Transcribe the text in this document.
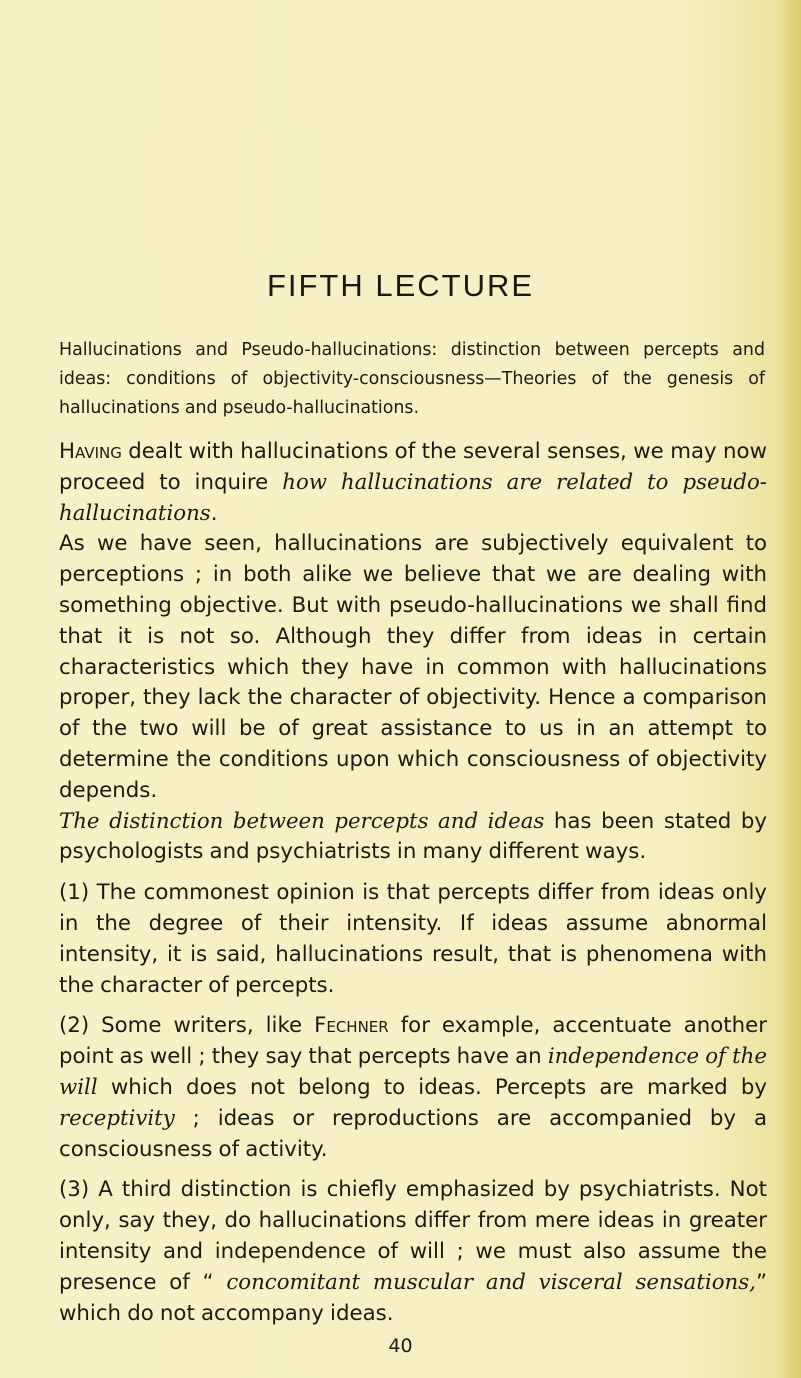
FIFTH LECTURE
Hallucinations and Pseudo-hallucinations: distinction between percepts and ideas: conditions of objectivity-consciousness—Theories of the genesis of hallucinations and pseudo-hallucinations.

Having dealt with hallucinations of the several senses, we may now proceed to inquire how hallucinations are related to pseudo-hallucinations.

As we have seen, hallucinations are subjectively equivalent to perceptions ; in both alike we believe that we are dealing with something objective. But with pseudo-hallucinations we shall find that it is not so. Although they differ from ideas in certain characteristics which they have in common with hallucinations proper, they lack the character of objectivity. Hence a comparison of the two will be of great assistance to us in an attempt to determine the conditions upon which consciousness of objectivity depends.

The distinction between percepts and ideas has been stated by psychologists and psychiatrists in many different ways.

(1) The commonest opinion is that percepts differ from ideas only in the degree of their intensity. If ideas assume abnormal intensity, it is said, hallucinations result, that is phenomena with the character of percepts.

(2) Some writers, like Fechner for example, accentuate another point as well ; they say that percepts have an independence of the will which does not belong to ideas. Percepts are marked by receptivity ; ideas or reproductions are accompanied by a consciousness of activity.

(3) A third distinction is chiefly emphasized by psychiatrists. Not only, say they, do hallucinations differ from mere ideas in greater intensity and independence of will ; we must also assume the presence of “ concomitant muscular and visceral sensations,” which do not accompany ideas.

40
